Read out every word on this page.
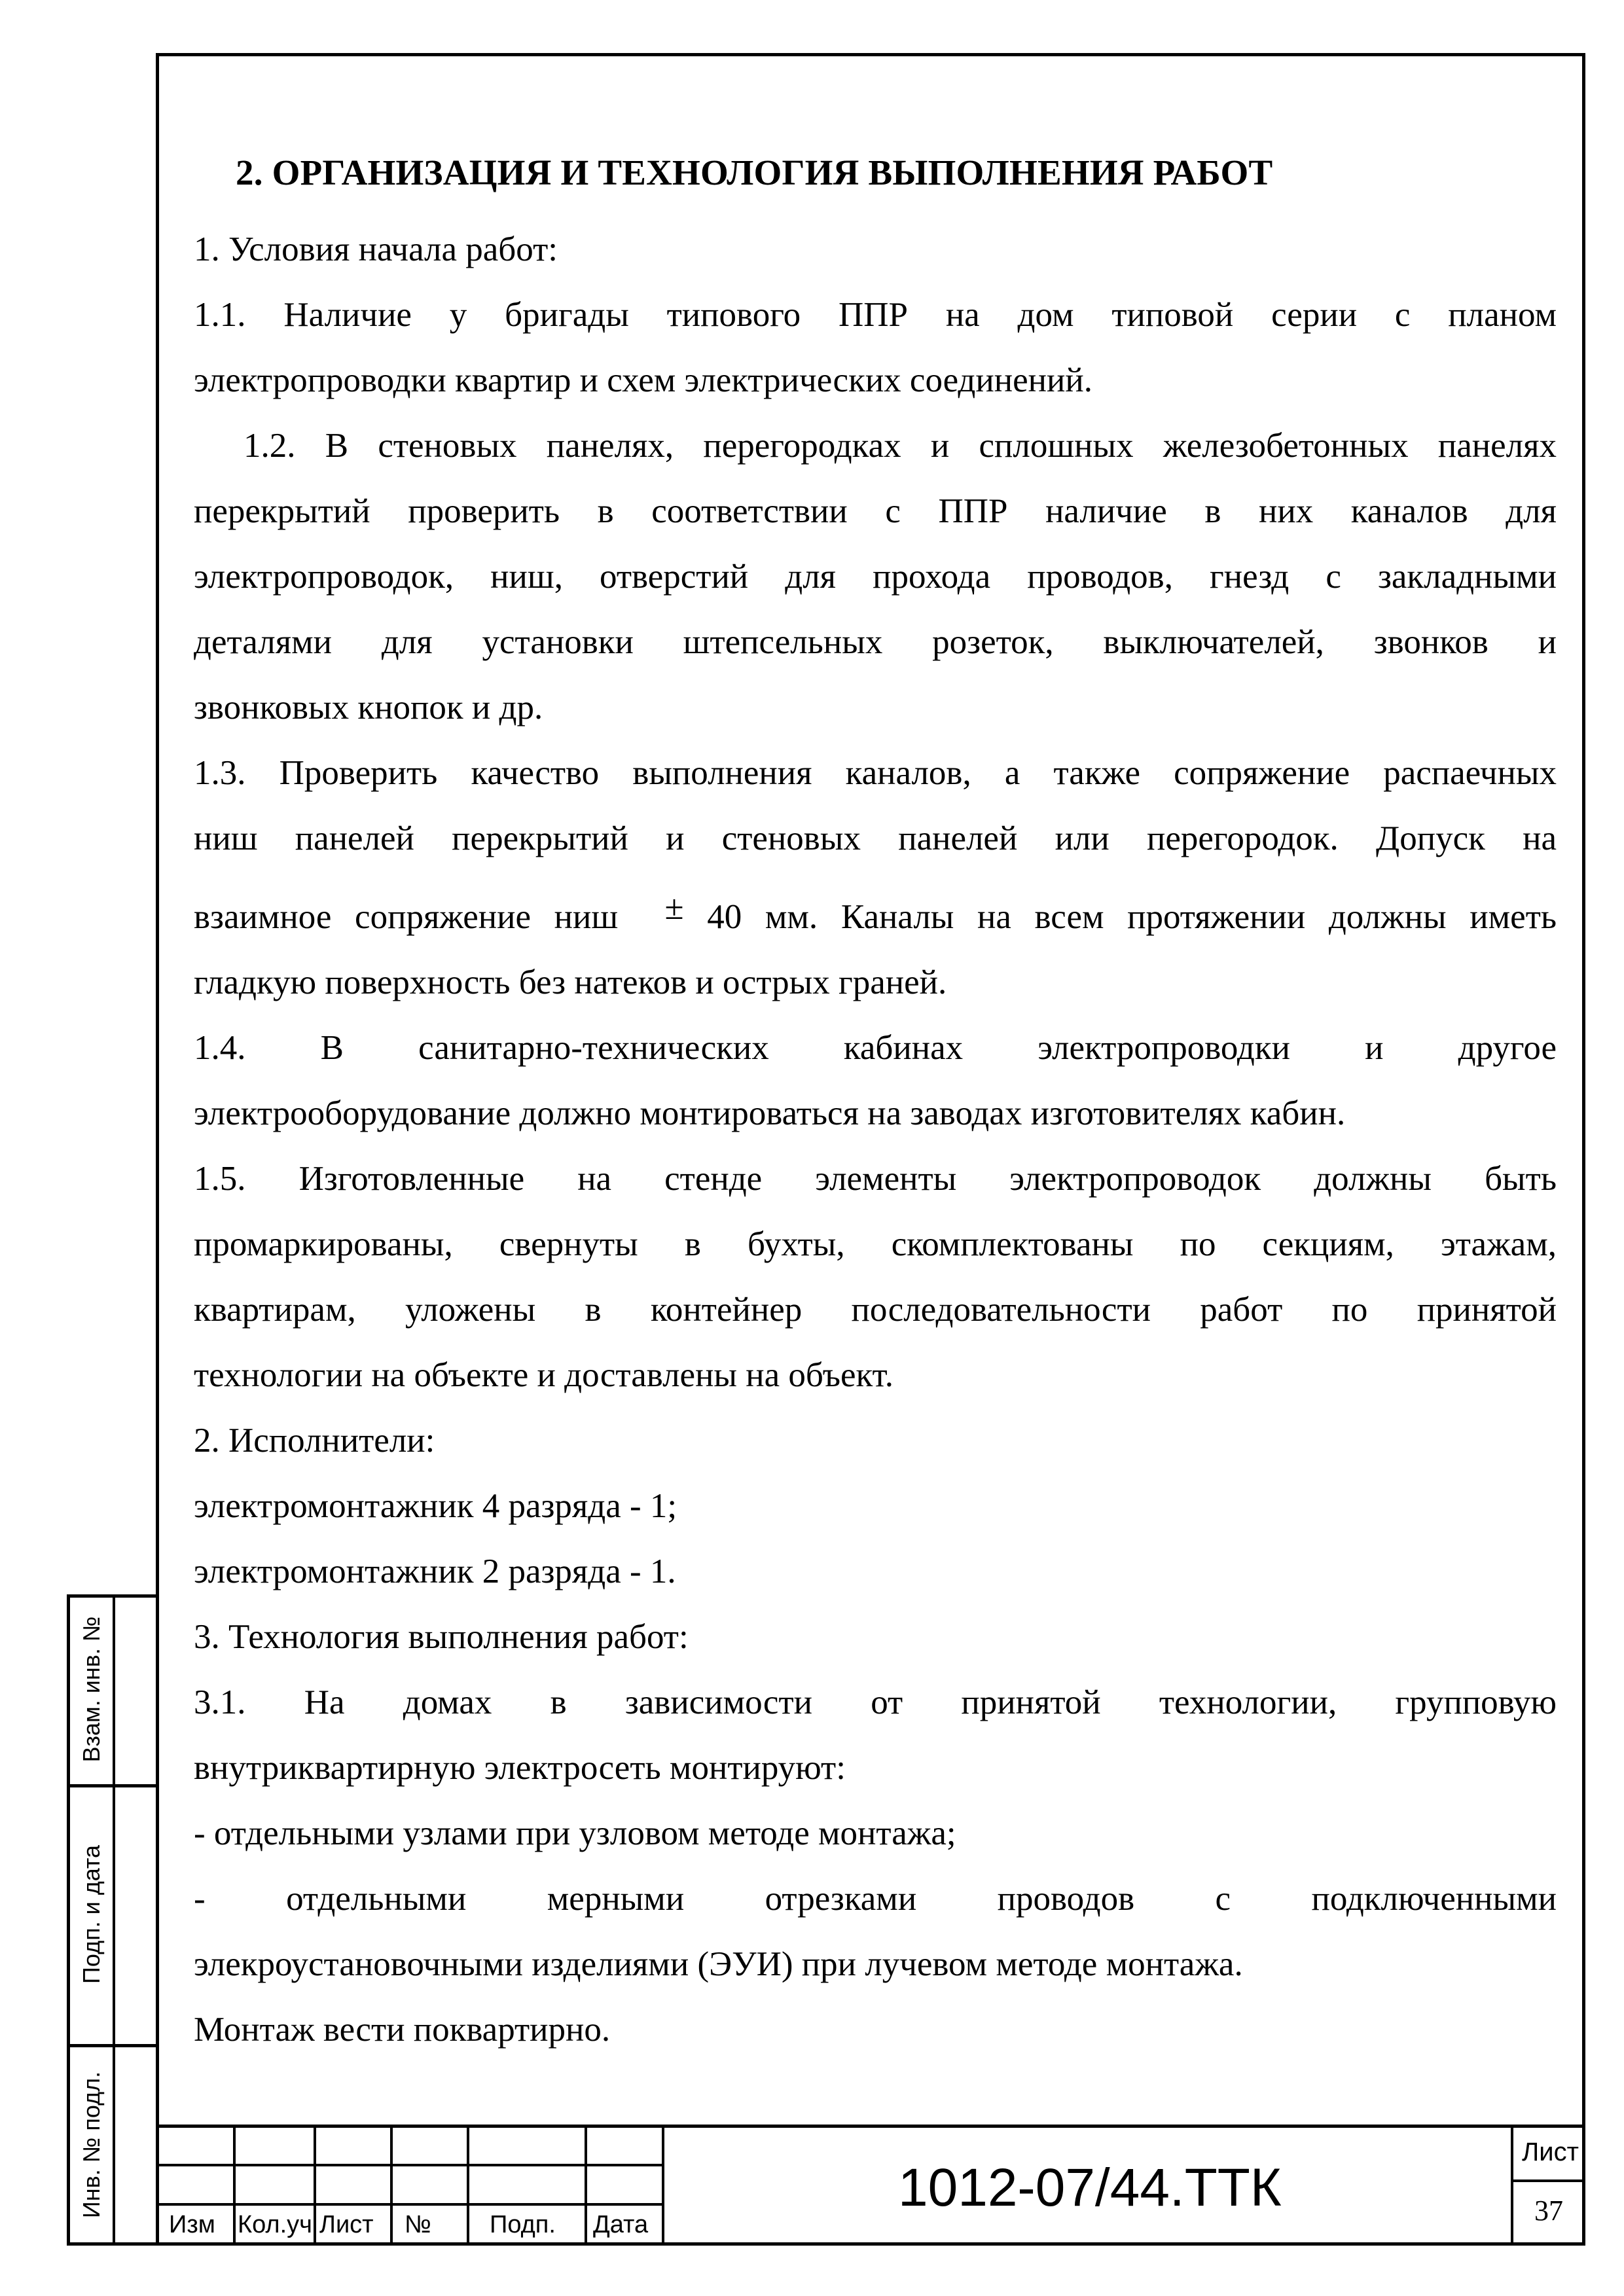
2. ОРГАНИЗАЦИЯ И ТЕХНОЛОГИЯ ВЫПОЛНЕНИЯ РАБОТ
1. Условия начала работ:
1.1. Наличие у бригады типового ППР на дом типовой серии с планом
электропроводки квартир и схем электрических соединений.
1.2. В стеновых панелях, перегородках и сплошных железобетонных панелях
перекрытий проверить в соответствии с ППР наличие в них каналов для
электропроводок, ниш, отверстий для прохода проводов, гнезд с закладными
деталями для установки штепсельных розеток, выключателей, звонков и
звонковых кнопок и др.
1.3. Проверить качество выполнения каналов, а также сопряжение распаечных
ниш панелей перекрытий и стеновых панелей или перегородок. Допуск на
взаимное сопряжение ниш ± 40 мм. Каналы на всем протяжении должны иметь
гладкую поверхность без натеков и острых граней.
1.4. В санитарно-технических кабинах электропроводки и другое
электрооборудование должно монтироваться на заводах изготовителях кабин.
1.5. Изготовленные на стенде элементы электропроводок должны быть
промаркированы, свернуты в бухты, скомплектованы по секциям, этажам,
квартирам, уложены в контейнер последовательности работ по принятой
технологии на объекте и доставлены на объект.
2. Исполнители:
электромонтажник 4 разряда - 1;
электромонтажник 2 разряда - 1.
3. Технология выполнения работ:
3.1. На домах в зависимости от принятой технологии, групповую
внутриквартирную электросеть монтируют:
- отдельными узлами при узловом методе монтажа;
- отдельными мерными отрезками проводов с подключенными
элекроустановочными изделиями (ЭУИ) при лучевом методе монтажа.
Монтаж вести поквартирно.
Взам. инв. №
Подп. и дата
Инв. № подл.
Изм Кол.уч Лист № Подп. Дата
1012-07/44.ТТК
Лист
37
